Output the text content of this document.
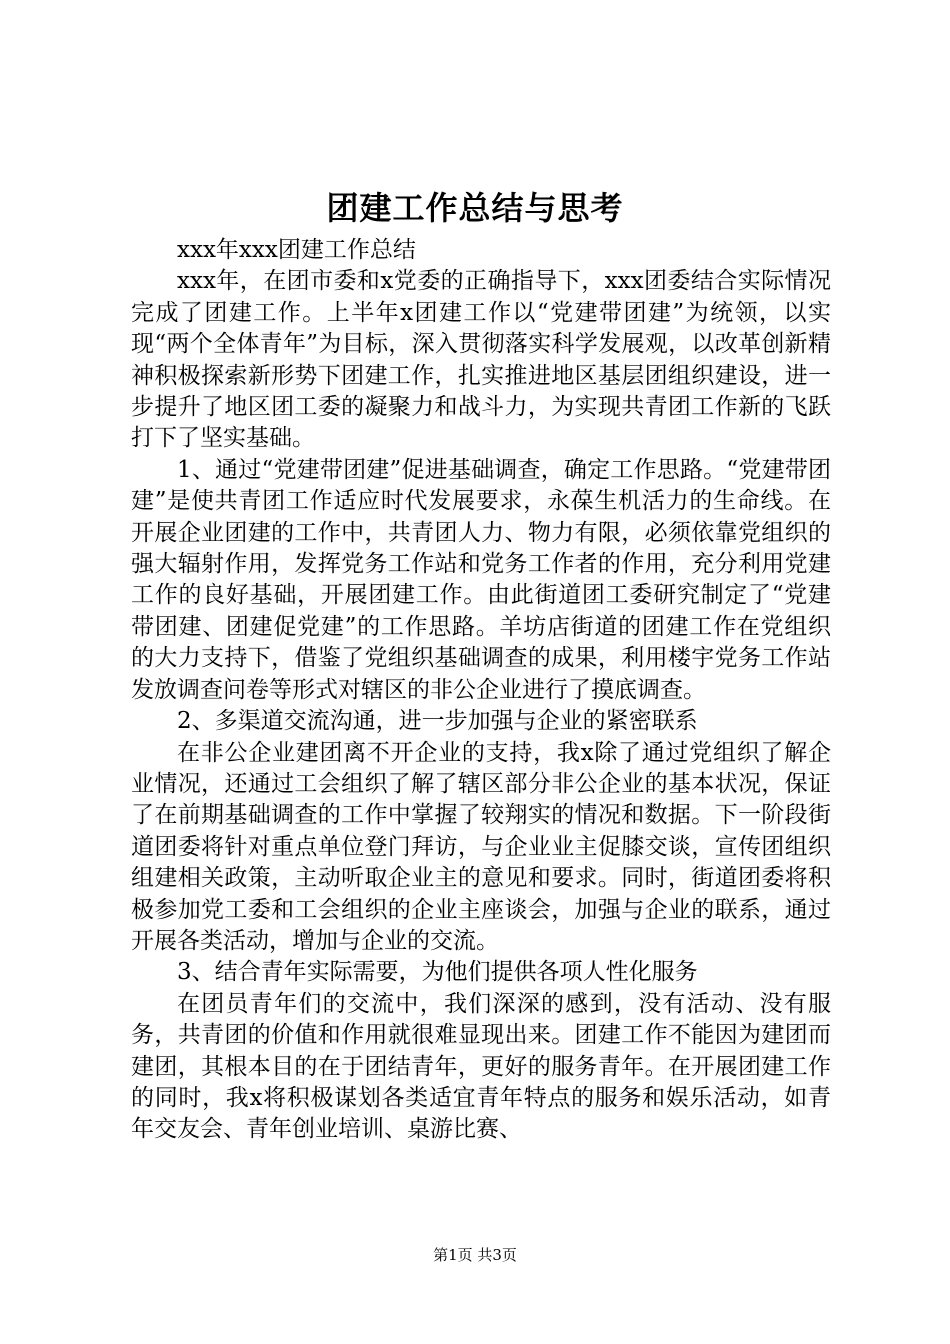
团建工作总结与思考

xxx年xxx团建工作总结

xxx年，在团市委和x党委的正确指导下，xxx团委结合实际情况完成了团建工作。上半年x团建工作以“党建带团建”为统领，以实现“两个全体青年”为目标，深入贯彻落实科学发展观，以改革创新精神积极探索新形势下团建工作，扎实推进地区基层团组织建设，进一步提升了地区团工委的凝聚力和战斗力，为实现共青团工作新的飞跃打下了坚实基础。

1、通过“党建带团建”促进基础调查，确定工作思路。“党建带团建”是使共青团工作适应时代发展要求，永葆生机活力的生命线。在开展企业团建的工作中，共青团人力、物力有限，必须依靠党组织的强大辐射作用，发挥党务工作站和党务工作者的作用，充分利用党建工作的良好基础，开展团建工作。由此街道团工委研究制定了“党建带团建、团建促党建”的工作思路。羊坊店街道的团建工作在党组织的大力支持下，借鉴了党组织基础调查的成果，利用楼宇党务工作站发放调查问卷等形式对辖区的非公企业进行了摸底调查。

2、多渠道交流沟通，进一步加强与企业的紧密联系

在非公企业建团离不开企业的支持，我x除了通过党组织了解企业情况，还通过工会组织了解了辖区部分非公企业的基本状况，保证了在前期基础调查的工作中掌握了较翔实的情况和数据。下一阶段街道团委将针对重点单位登门拜访，与企业业主促膝交谈，宣传团组织组建相关政策，主动听取企业主的意见和要求。同时，街道团委将积极参加党工委和工会组织的企业主座谈会，加强与企业的联系，通过开展各类活动，增加与企业的交流。

3、结合青年实际需要，为他们提供各项人性化服务

在团员青年们的交流中，我们深深的感到，没有活动、没有服务，共青团的价值和作用就很难显现出来。团建工作不能因为建团而建团，其根本目的在于团结青年，更好的服务青年。在开展团建工作的同时，我x将积极谋划各类适宜青年特点的服务和娱乐活动，如青年交友会、青年创业培训、桌游比赛、

第1页 共3页
